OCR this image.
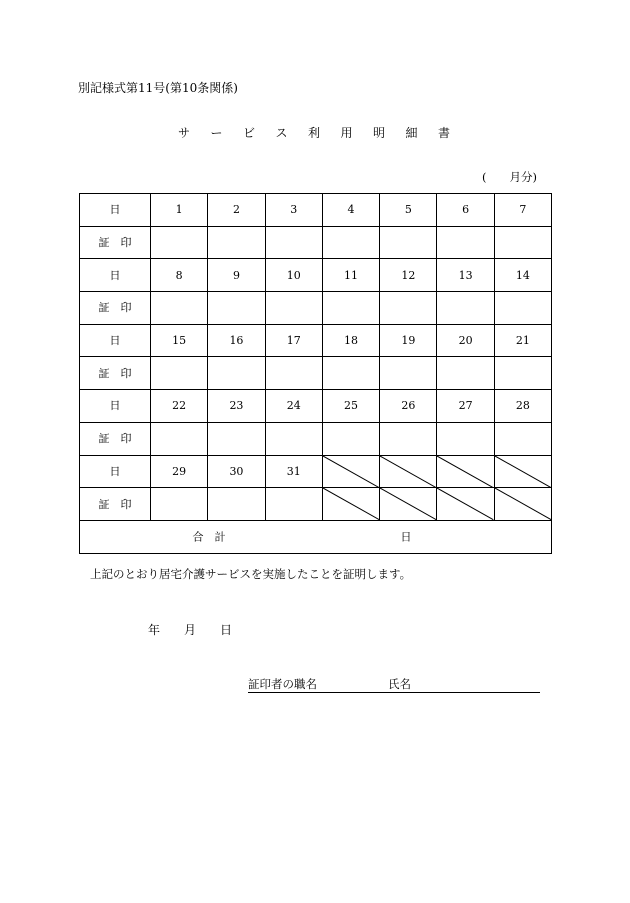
別記様式第11号(第10条関係)
サービス利用明細書
(　　月分)
日	1	2	3	4	5	6	7
証　印							
日	8	9	10	11	12	13	14
証　印							
日	15	16	17	18	19	20	21
証　印							
日	22	23	24	25	26	27	28
証　印							
日	29	30	31	

証　印				

合　計 日							
上記のとおり居宅介護サービスを実施したことを証明します。
年　　月　　日
証印者の職名	氏名
